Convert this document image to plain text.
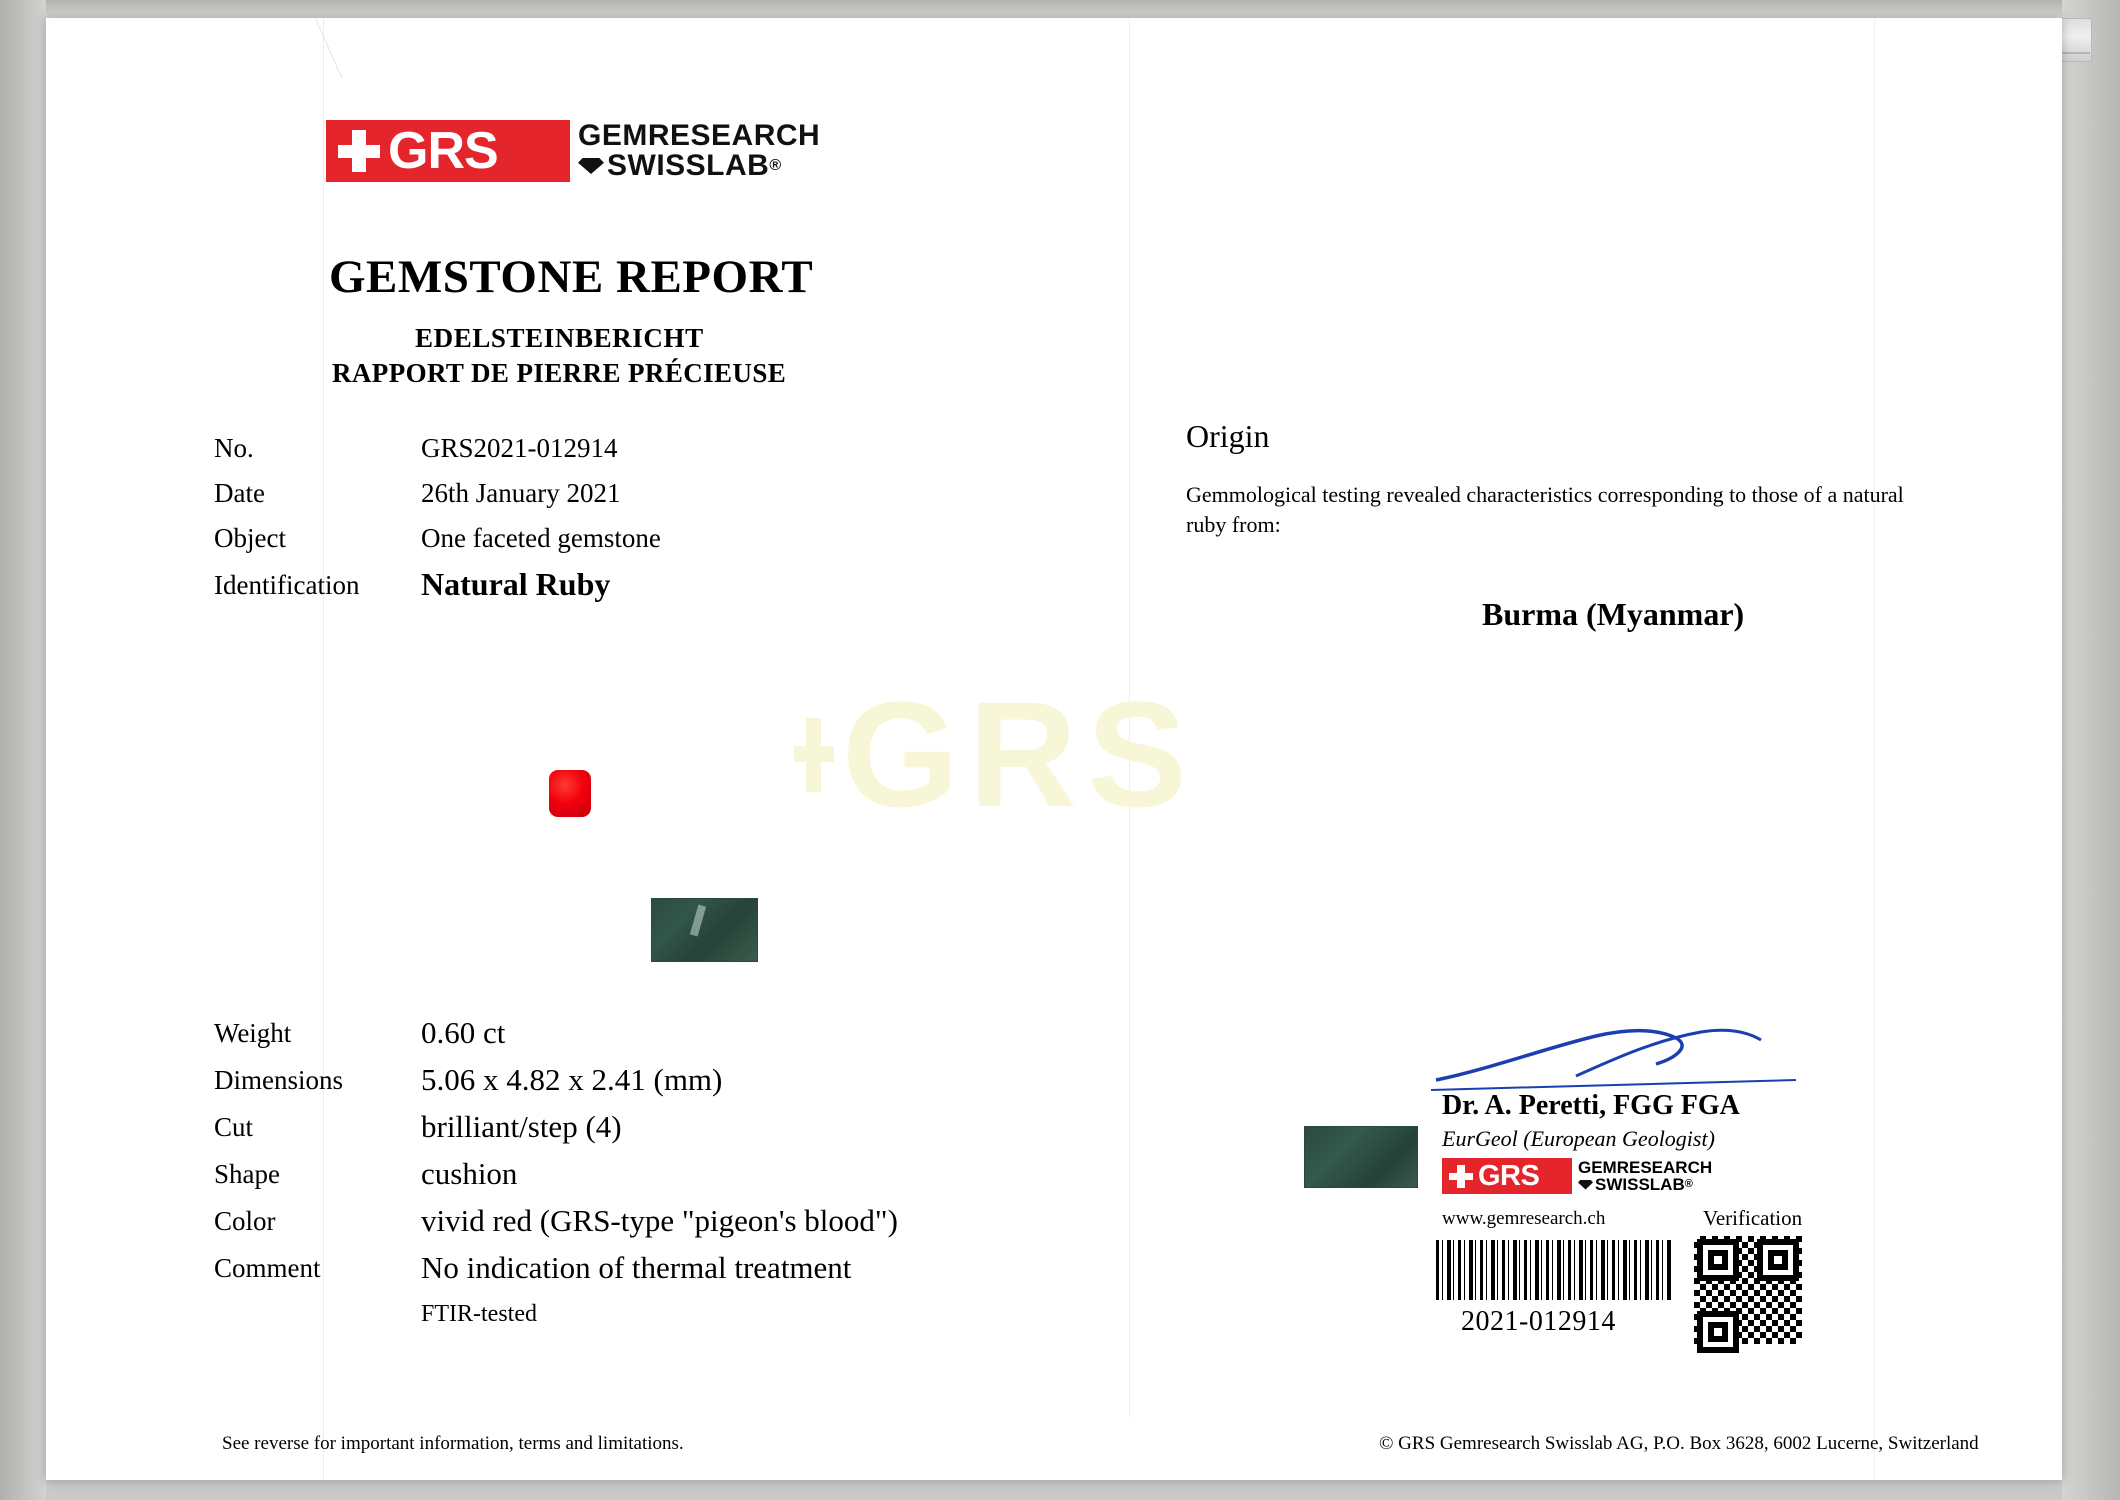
GRS
GRS	GEMRESEARCH
SWISSLAB ®
GEMSTONE REPORT
EDELSTEINBERICHT
RAPPORT DE PIERRE PRÉCIEUSE
No.	GRS2021-012914
Date	26th January 2021
Object	One faceted gemstone
Identification Natural Ruby
Origin
Gemmological testing revealed characteristics corresponding to those of a natural ruby from:
Burma (Myanmar)
Weight	0.60 ct
Dimensions	5.06 x 4.82 x 2.41 (mm)
Cut	brilliant/step (4)
Shape	cushion
Color	vivid red (GRS-type "pigeon's blood")
Comment	No indication of thermal treatment
FTIR-tested
Dr. A. Peretti, FGG FGA
EurGeol (European Geologist)
GRS GEMRESEARCH
SWISSLAB ®
www.gemresearch.ch	Verification
2021-012914
See reverse for important information, terms and limitations.	© GRS Gemresearch Swisslab AG, P.O. Box 3628, 6002 Lucerne, Switzerland
